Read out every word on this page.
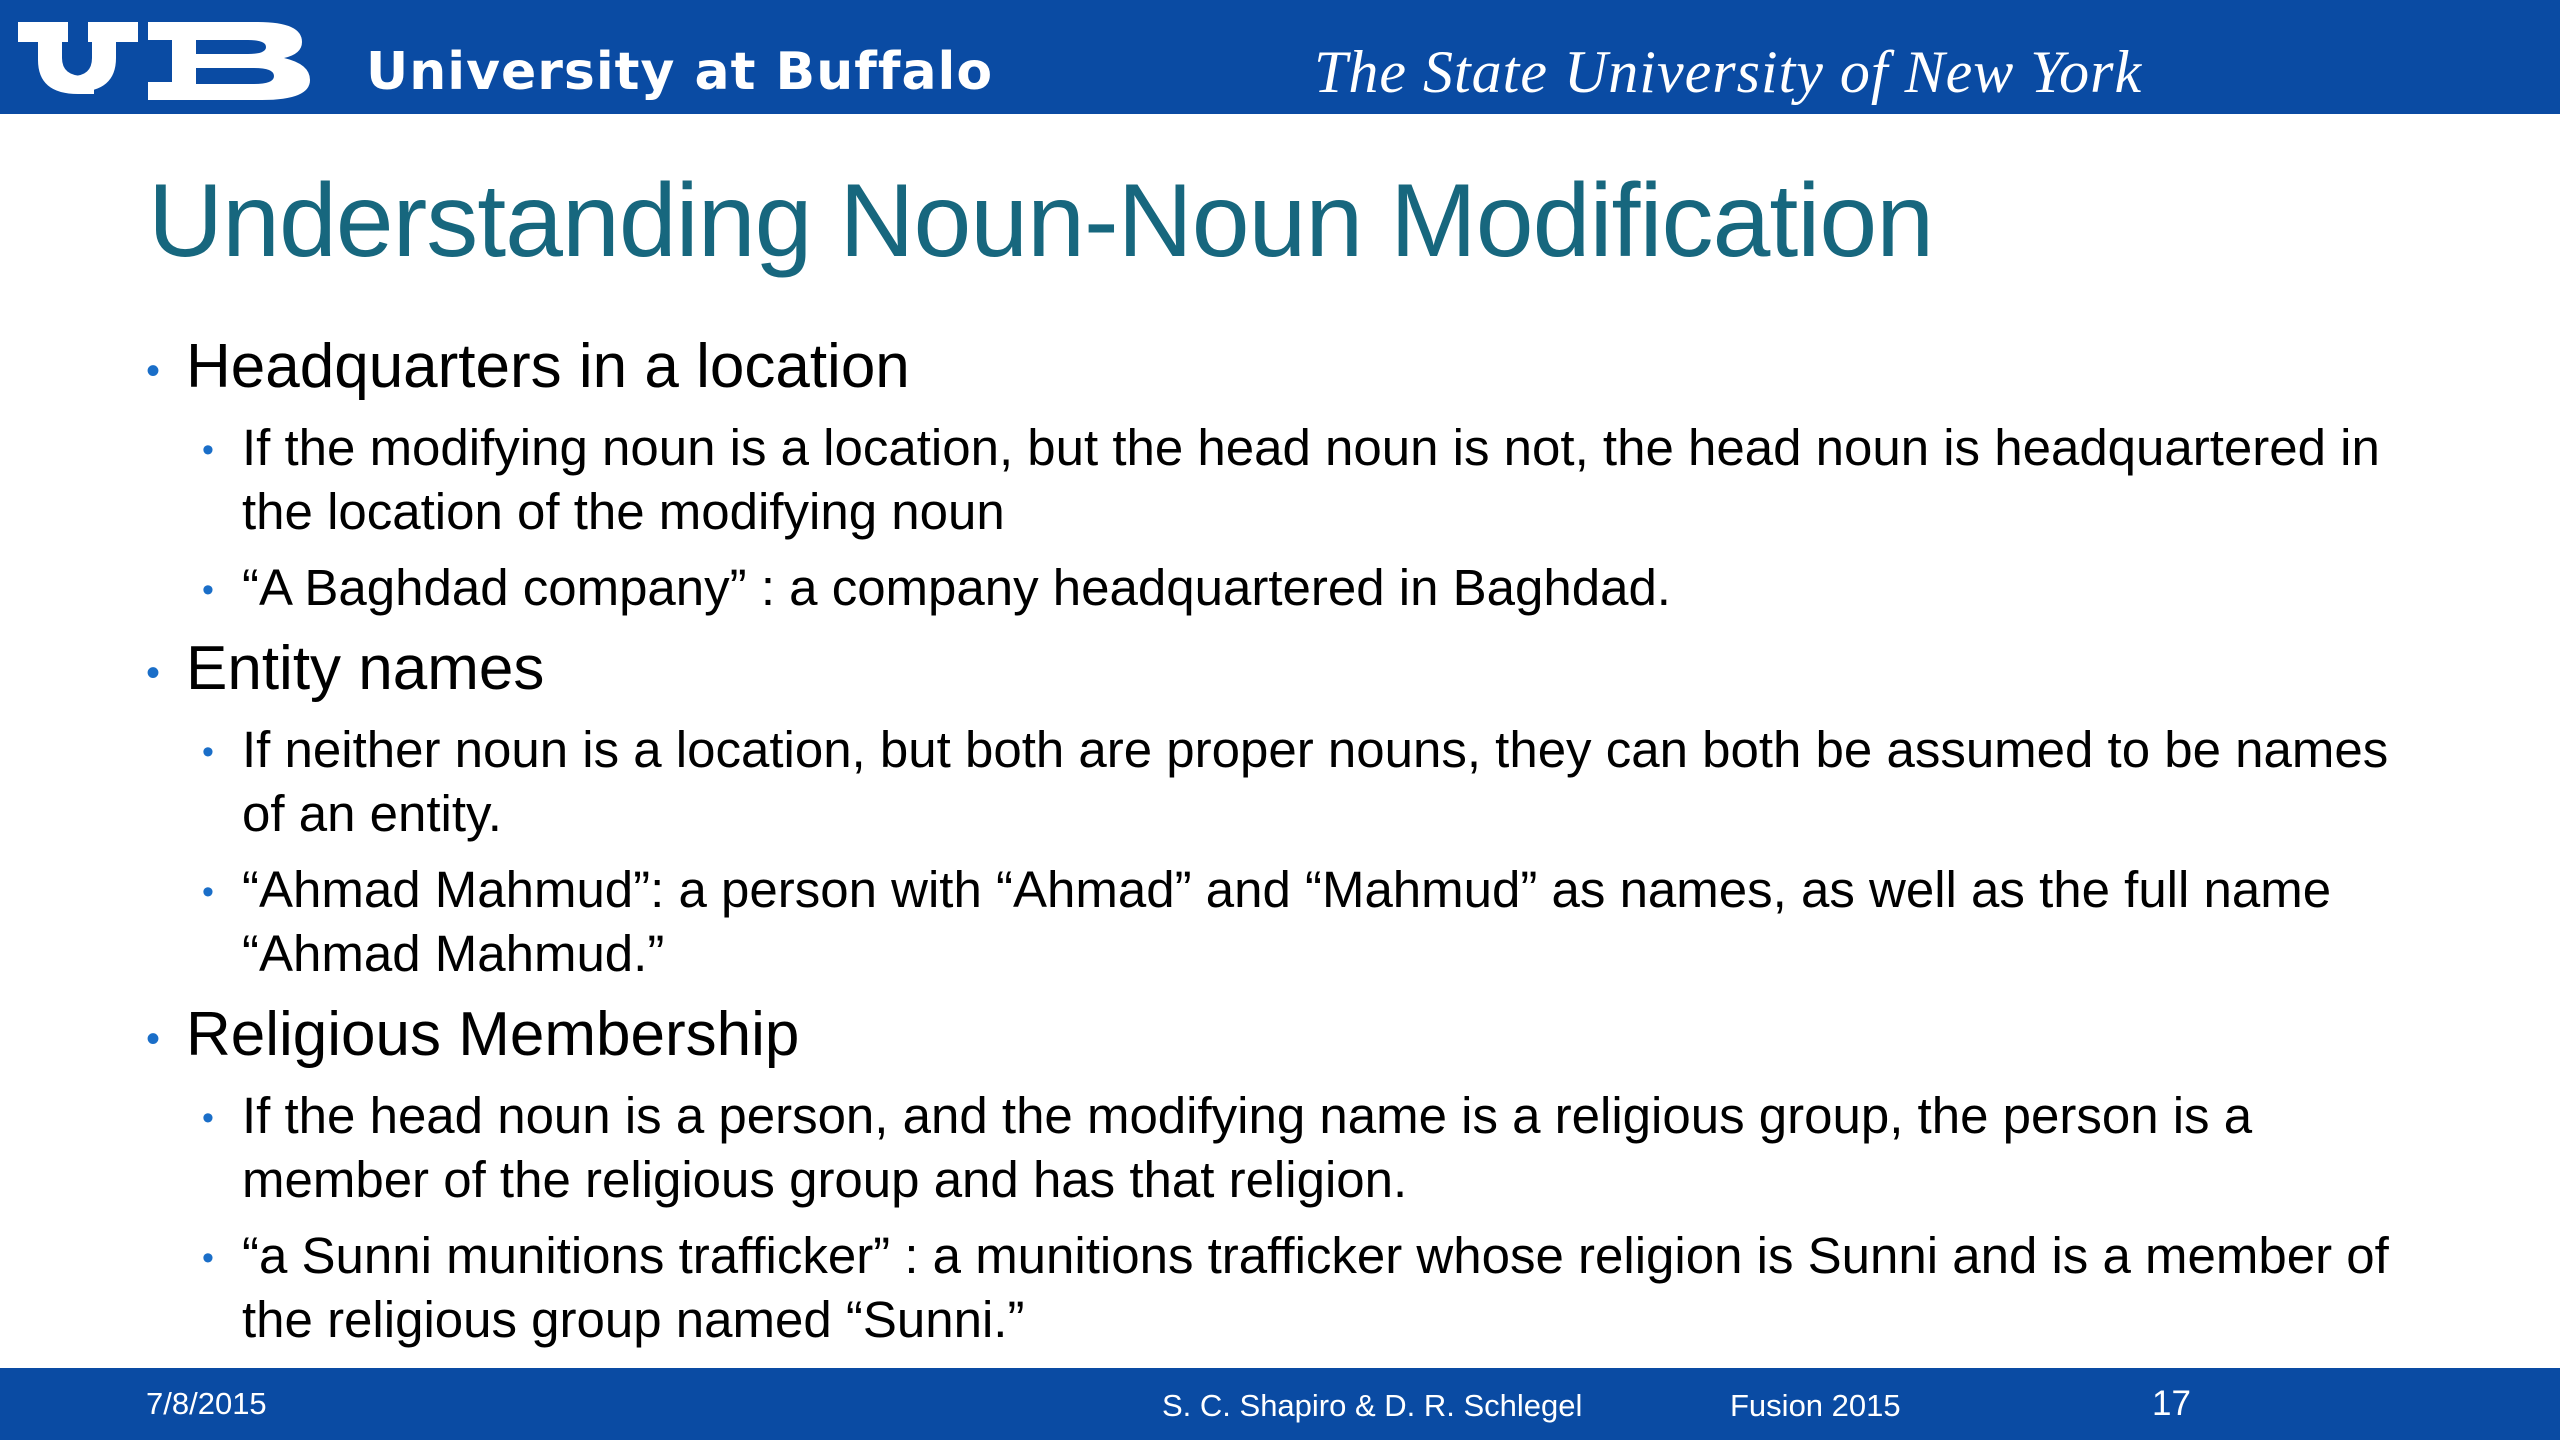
University at Buffalo	The State University of New York
Understanding Noun-Noun Modification
• Headquarters in a location
• If the modifying noun is a location, but the head noun is not, the head noun is headquartered in the location of the modifying noun
• “A Baghdad company” : a company headquartered in Baghdad.
• Entity names
• If neither noun is a location, but both are proper nouns, they can both be assumed to be names of an entity.
• “Ahmad Mahmud”: a person with “Ahmad” and “Mahmud” as names, as well as the full name “Ahmad Mahmud.”
• Religious Membership
• If the head noun is a person, and the modifying name is a religious group, the person is a member of the religious group and has that religion.
• “a Sunni munitions trafficker” : a munitions trafficker whose religion is Sunni and is a member of the religious group named “Sunni.”
7/8/2015	S. C. Shapiro & D. R. Schlegel	Fusion 2015	17
